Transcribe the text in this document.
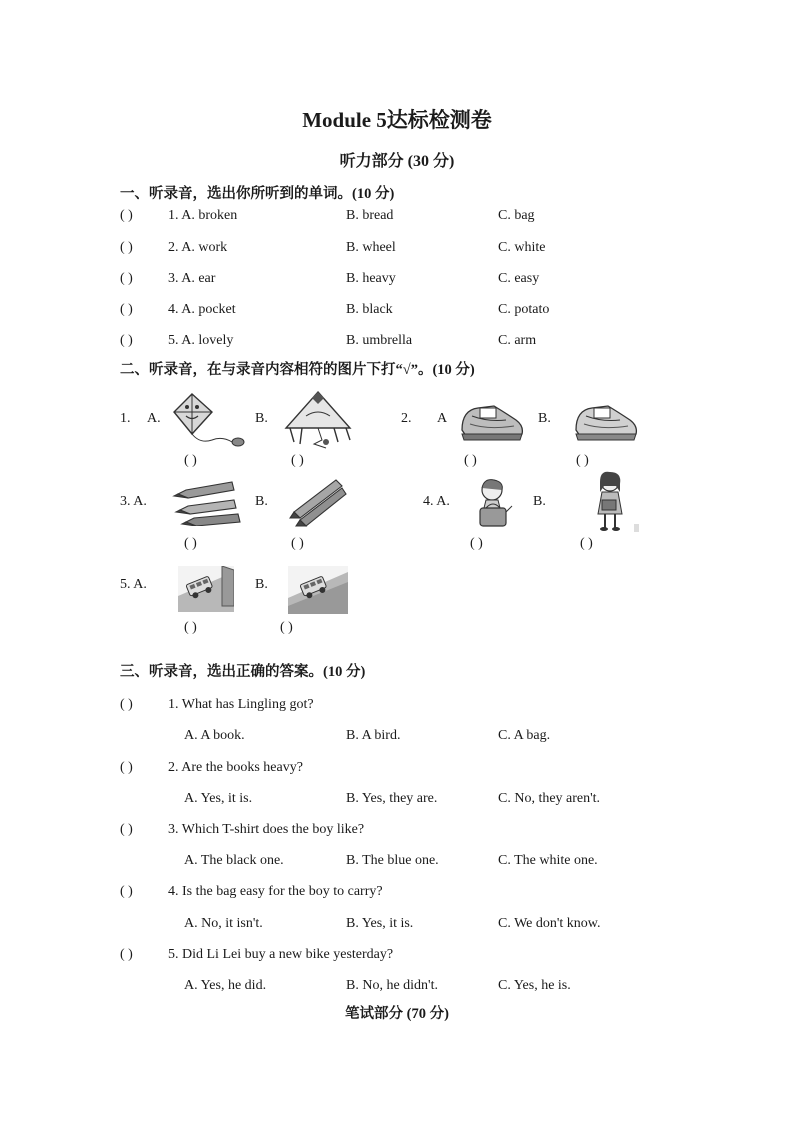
Module 5达标检测卷
听力部分 (30 分)
一、听录音，选出你所听到的单词。(10 分)
( )	1. A. broken	B. bread	C. bag
( )	2. A. work	B. wheel	C. white
( )	3. A. ear	B. heavy	C. easy
( )	4. A. pocket	B. black	C. potato
( )	5. A. lovely	B. umbrella	C. arm
二、听录音，在与录音内容相符的图片下打“√”。(10 分)
1. A.	B.	2. A	B.
( )	( )	( )	( )
3. A.	B.	4. A.	B.
( )	( )	( )	( )
5. A.	B.
( )	( )
三、听录音，选出正确的答案。(10 分)
( )	1. What has Lingling got?
A. A book.	B. A bird.	C. A bag.
( )	2. Are the books heavy?
A. Yes, it is.	B. Yes, they are.	C. No, they aren't.
( )	3. Which T-shirt does the boy like?
A. The black one.	B. The blue one.	C. The white one.
( )	4. Is the bag easy for the boy to carry?
A. No, it isn't.	B. Yes, it is.	C. We don't know.
( )	5. Did Li Lei buy a new bike yesterday?
A. Yes, he did.	B. No, he didn't.	C. Yes, he is.
笔试部分 (70 分)
